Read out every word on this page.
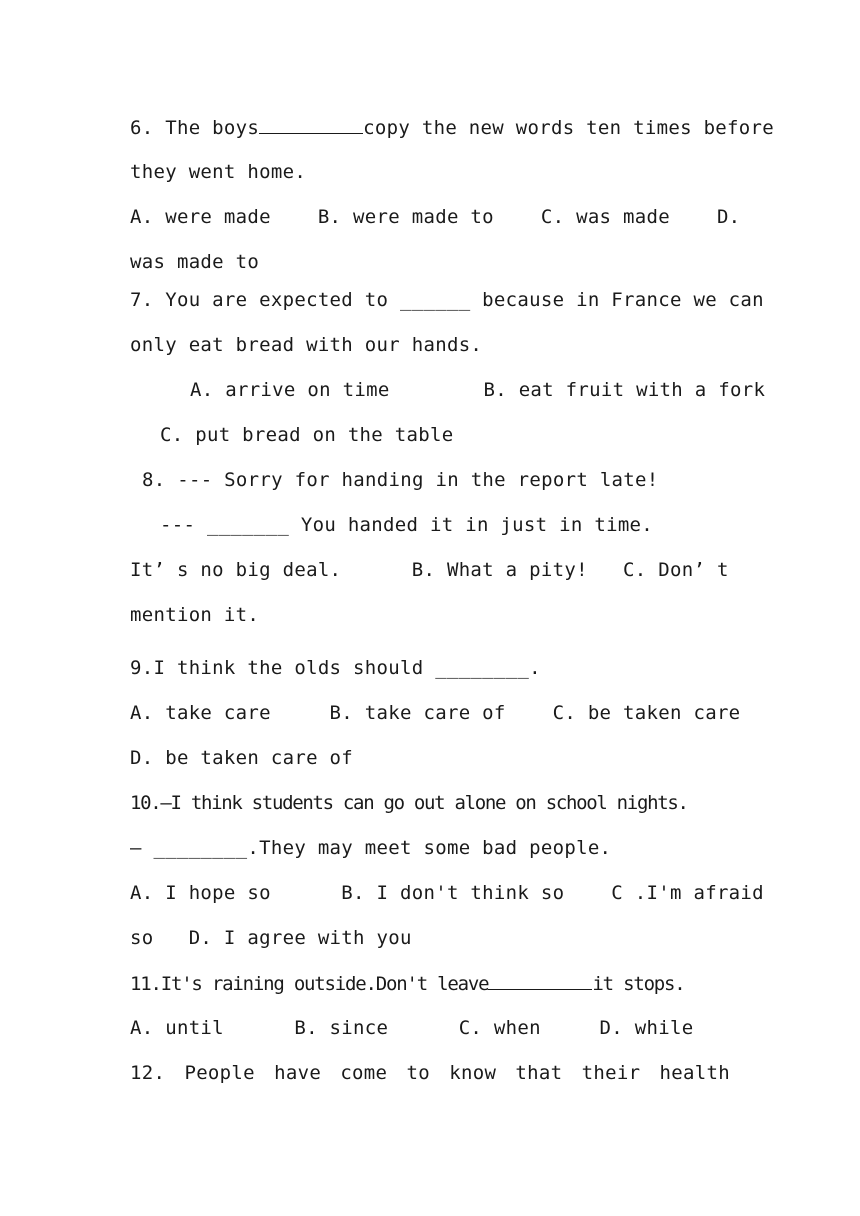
6. The boys	copy the new words ten times before
they went home.
A. were made    B. were made to    C. was made    D.
was made to
7. You are expected to ______ because in France we can
only eat bread with our hands.
A. arrive on time        B. eat fruit with a fork
C. put bread on the table
8. --- Sorry for handing in the report late!
--- _______ You handed it in just in time.
It’ s no big deal.      B. What a pity!   C. Don’ t
mention it.
9.I think the olds should ________.
A. take care     B. take care of    C. be taken care
D. be taken care of
10.—I think students can go out alone on school nights.
— ________.They may meet some bad people.
A. I hope so      B. I don't think so    C .I'm afraid
so   D. I agree with you
11.It's raining outside.Don't leave	it stops.
A. until      B. since      C. when     D. while
12. People have come to know that their health
